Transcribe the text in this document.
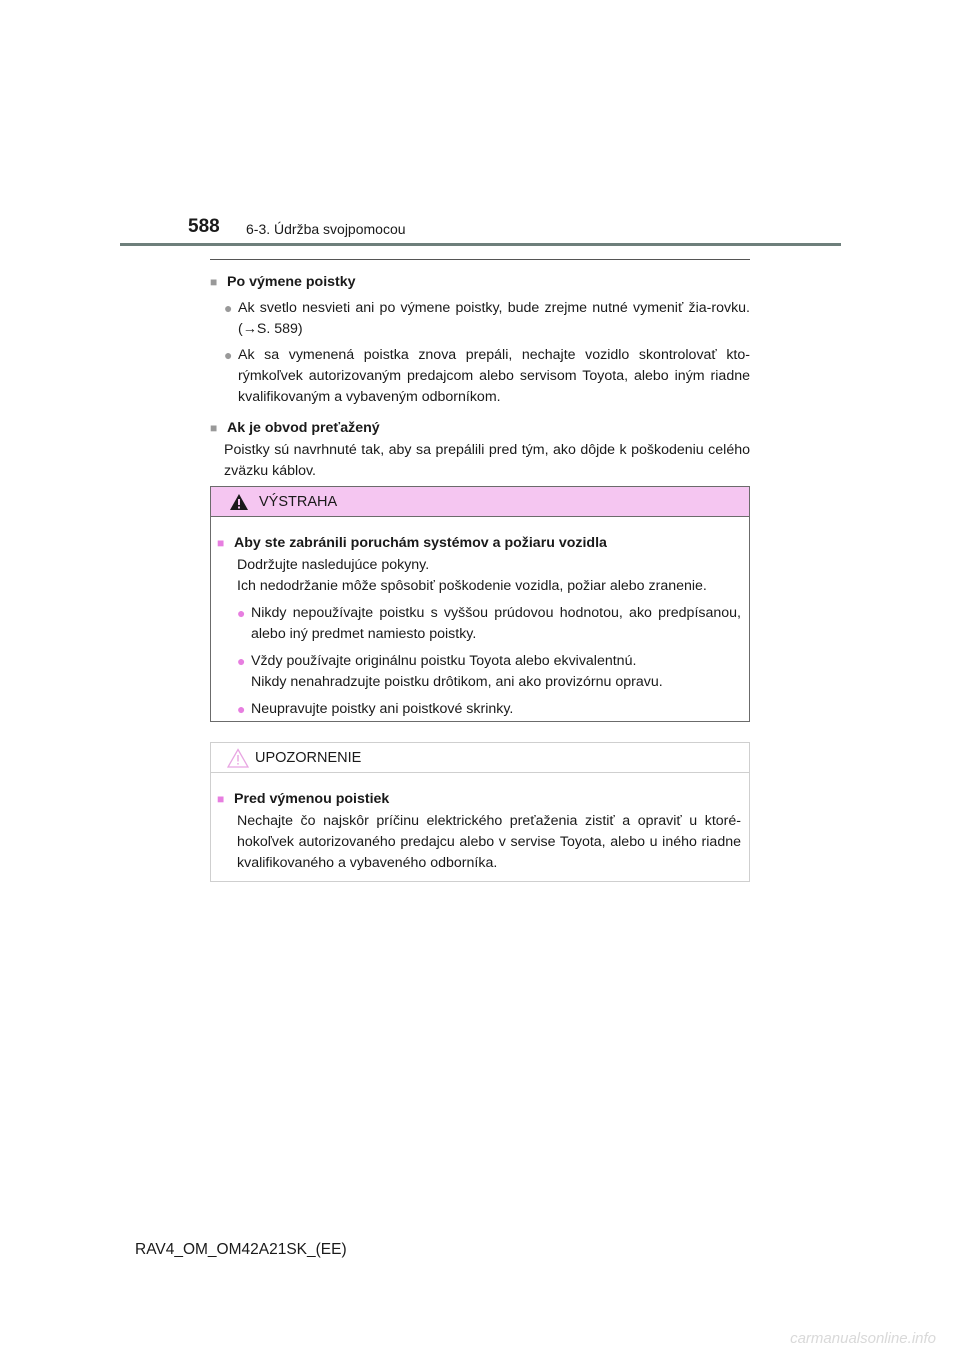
588 6-3. Údržba svojpomocou
■ Po výmene poistky
● Ak svetlo nesvieti ani po výmene poistky, bude zrejme nutné vymeniť žia-rovku. (→S. 589)
● Ak sa vymenená poistka znova prepáli, nechajte vozidlo skontrolovať kto-rýmkoľvek autorizovaným predajcom alebo servisom Toyota, alebo iným riadne kvalifikovaným a vybaveným odborníkom.
■ Ak je obvod preťažený
Poistky sú navrhnuté tak, aby sa prepálili pred tým, ako dôjde k poškodeniu celého zväzku káblov.
VÝSTRAHA
■ Aby ste zabránili poruchám systémov a požiaru vozidla
Dodržujte nasledujúce pokyny.
Ich nedodržanie môže spôsobiť poškodenie vozidla, požiar alebo zranenie.
● Nikdy nepoužívajte poistku s vyššou prúdovou hodnotou, ako predpísanou, alebo iný predmet namiesto poistky.
● Vždy používajte originálnu poistku Toyota alebo ekvivalentnú.
Nikdy nenahradzujte poistku drôtikom, ani ako provizórnu opravu.
● Neupravujte poistky ani poistkové skrinky.
UPOZORNENIE
■ Pred výmenou poistiek
Nechajte čo najskôr príčinu elektrického preťaženia zistiť a opraviť u ktoré-hokoľvek autorizovaného predajcu alebo v servise Toyota, alebo u iného riadne kvalifikovaného a vybaveného odborníka.
RAV4_OM_OM42A21SK_(EE)
carmanualsonline.info
